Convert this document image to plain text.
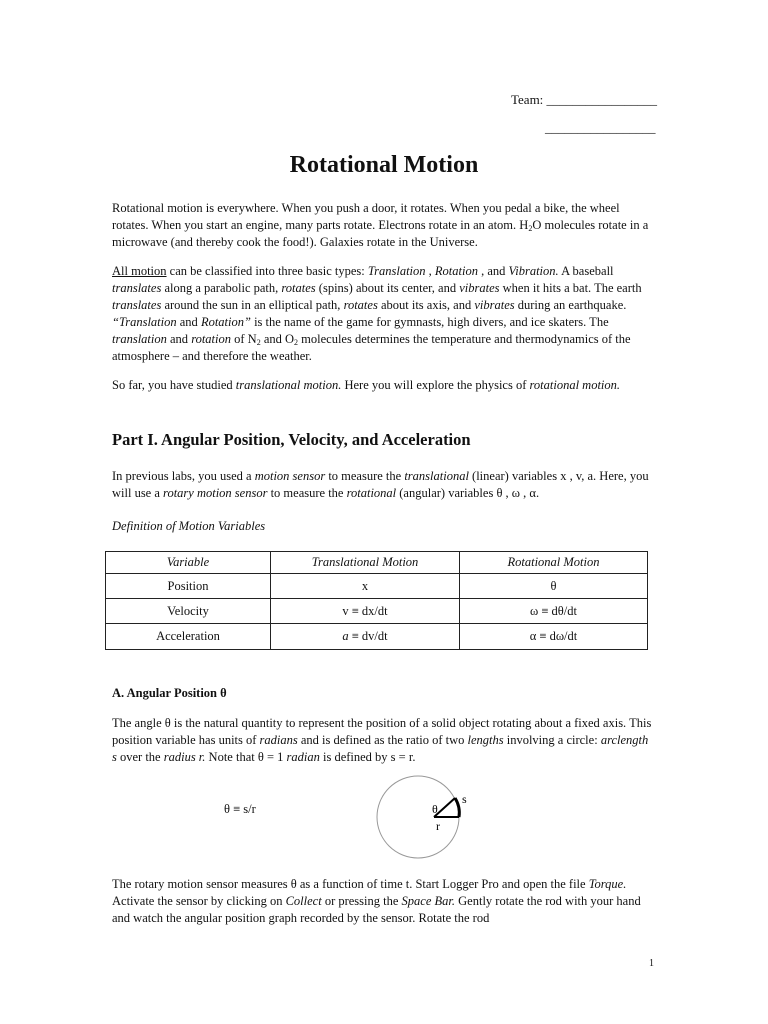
Team: _________________
_________________
Rotational Motion
Rotational motion is everywhere. When you push a door, it rotates. When you pedal a bike, the wheel rotates. When you start an engine, many parts rotate. Electrons rotate in an atom. $H_2O$ molecules rotate in a microwave (and thereby cook the food!). Galaxies rotate in the Universe.
All motion can be classified into three basic types: Translation , Rotation , and Vibration. A baseball translates along a parabolic path, rotates (spins) about its center, and vibrates when it hits a bat. The earth translates around the sun in an elliptical path, rotates about its axis, and vibrates during an earthquake. “Translation and Rotation” is the name of the game for gymnasts, high divers, and ice skaters. The translation and rotation of $N_2$ and $O_2$ molecules determines the temperature and thermodynamics of the atmosphere – and therefore the weather.
So far, you have studied translational motion. Here you will explore the physics of rotational motion.
Part I. Angular Position, Velocity, and Acceleration
In previous labs, you used a motion sensor to measure the translational (linear) variables x , v, a. Here, you will use a rotary motion sensor to measure the rotational (angular) variables θ , ω , α.
Definition of Motion Variables
Variable	Translational Motion	Rotational Motion
Position	x	θ
Velocity	v ≡ dx/dt	ω ≡ dθ/dt
Acceleration	a ≡ dv/dt	α ≡ dω/dt
A. Angular Position θ
The angle θ is the natural quantity to represent the position of a solid object rotating about a fixed axis. This position variable has units of radians and is defined as the ratio of two lengths involving a circle: arclength s over the radius r. Note that θ = 1 radian is defined by s = r.
θ ≡ s/r	θ
s
r
The rotary motion sensor measures θ as a function of time t. Start Logger Pro and open the file Torque. Activate the sensor by clicking on Collect or pressing the Space Bar. Gently rotate the rod with your hand and watch the angular position graph recorded by the sensor. Rotate the rod
1
